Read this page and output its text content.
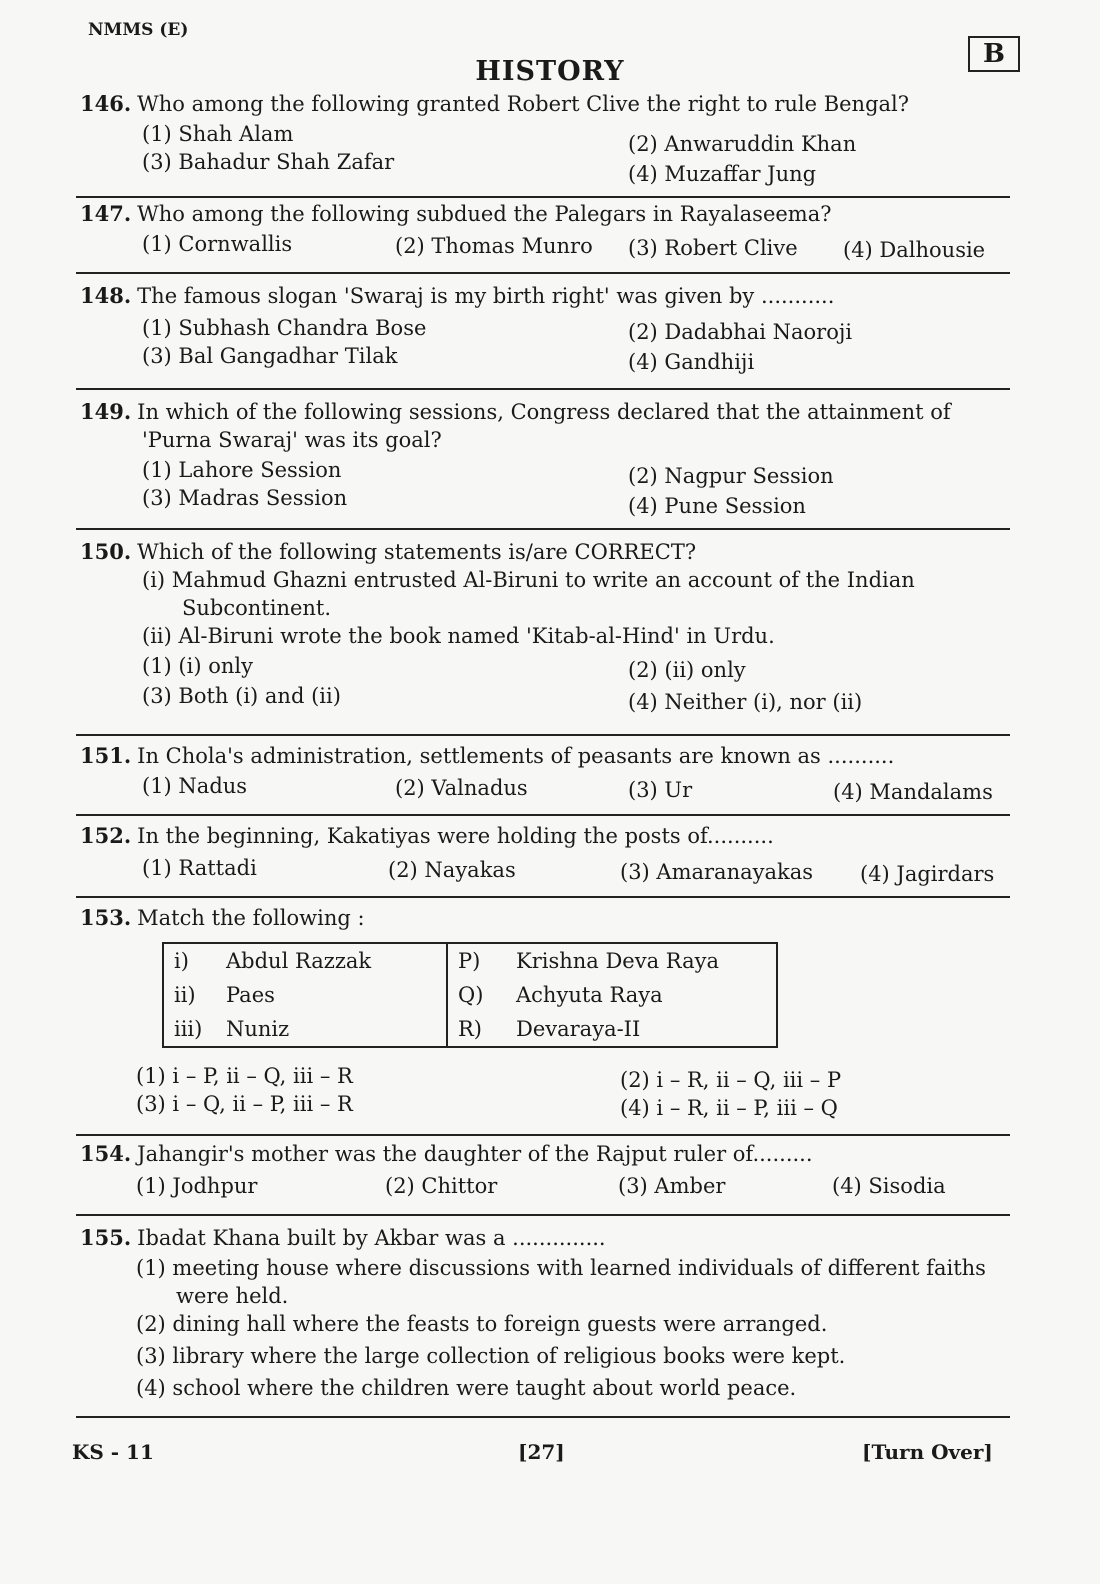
NMMS (E)
HISTORY
B
146. Who among the following granted Robert Clive the right to rule Bengal?
(1) Shah Alam	(2) Anwaruddin Khan
(3) Bahadur Shah Zafar	(4) Muzaffar Jung
147. Who among the following subdued the Palegars in Rayalaseema?
(1) Cornwallis	(2) Thomas Munro (3) Robert Clive (4) Dalhousie
148. The famous slogan 'Swaraj is my birth right' was given by ...........
(1) Subhash Chandra Bose	(2) Dadabhai Naoroji
(3) Bal Gangadhar Tilak	(4) Gandhiji
149. In which of the following sessions, Congress declared that the attainment of
'Purna Swaraj' was its goal?
(1) Lahore Session	(2) Nagpur Session
(3) Madras Session	(4) Pune Session
150. Which of the following statements is/are CORRECT?
(i) Mahmud Ghazni entrusted Al-Biruni to write an account of the Indian
Subcontinent.
(ii) Al-Biruni wrote the book named 'Kitab-al-Hind' in Urdu.
(1) (i) only	(2) (ii) only
(3) Both (i) and (ii)	(4) Neither (i), nor (ii)
151. In Chola's administration, settlements of peasants are known as ..........
(1) Nadus	(2) Valnadus	(3) Ur	(4) Mandalams
152. In the beginning, Kakatiyas were holding the posts of..........
(1) Rattadi	(2) Nayakas	(3) Amaranayakas (4) Jagirdars
153. Match the following :
i)	Abdul Razzak	P)	Krishna Deva Raya
ii)	Paes	Q)	Achyuta Raya
iii)	Nuniz	R)	Devaraya-II
(1) i – P, ii – Q, iii – R	(2) i – R, ii – Q, iii – P
(3) i – Q, ii – P, iii – R	(4) i – R, ii – P, iii – Q
154. Jahangir's mother was the daughter of the Rajput ruler of.........
(1) Jodhpur	(2) Chittor	(3) Amber	(4) Sisodia
155. Ibadat Khana built by Akbar was a ..............
(1) meeting house where discussions with learned individuals of different faiths
were held.
(2) dining hall where the feasts to foreign guests were arranged.
(3) library where the large collection of religious books were kept.
(4) school where the children were taught about world peace.
KS - 11	[27]	[Turn Over]
